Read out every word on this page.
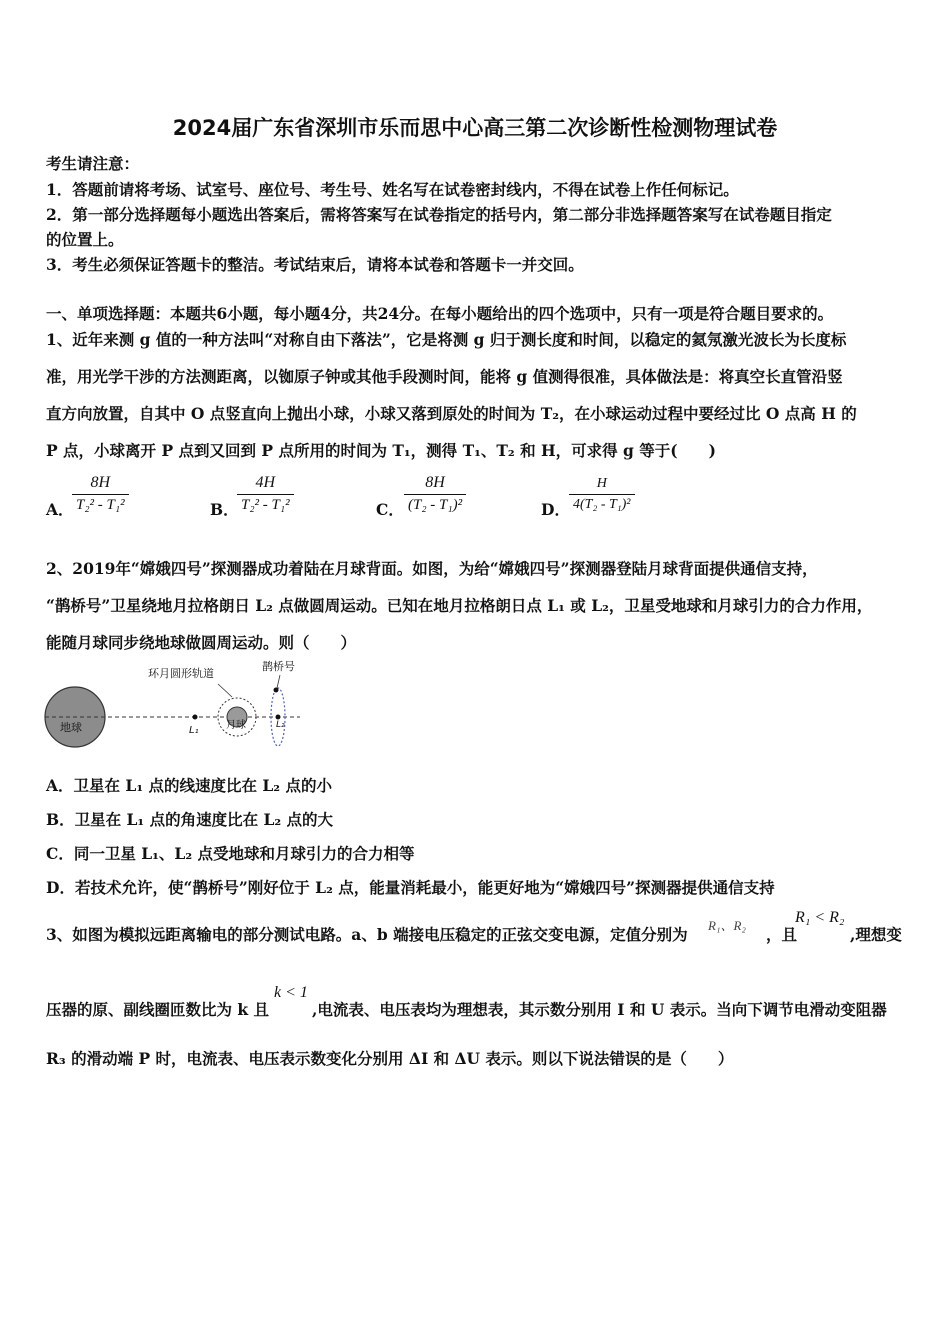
2024届广东省深圳市乐而思中心高三第二次诊断性检测物理试卷
考生请注意：
1．答题前请将考场、试室号、座位号、考生号、姓名写在试卷密封线内，不得在试卷上作任何标记。
2．第一部分选择题每小题选出答案后，需将答案写在试卷指定的括号内，第二部分非选择题答案写在试卷题目指定
的位置上。
3．考生必须保证答题卡的整洁。考试结束后，请将本试卷和答题卡一并交回。
一、单项选择题：本题共6小题，每小题4分，共24分。在每小题给出的四个选项中，只有一项是符合题目要求的。
1、近年来测 g 值的一种方法叫“对称自由下落法”，它是将测 g 归于测长度和时间，以稳定的氦氖激光波长为长度标
准，用光学干涉的方法测距离，以铷原子钟或其他手段测时间，能将 g 值测得很准，具体做法是：将真空长直管沿竖
直方向放置，自其中 O 点竖直向上抛出小球，小球又落到原处的时间为 T₂，在小球运动过程中要经过比 O 点高 H 的
P 点，小球离开 P 点到又回到 P 点所用的时间为 T₁，测得 T₁、T₂ 和 H，可求得 g 等于(　　)
A．
$\frac{8H}{\text{T₂² - T₁²}}$	B．
$\frac{4H}{\text{T₂² - T₁²}}$	C． $\frac{8H}{\text{(T₂ - T₁)²}}$	D． $\frac{H}{\text{4(T₂ - T₁)²}}$
2、2019年“嫦娥四号”探测器成功着陆在月球背面。如图，为给“嫦娥四号”探测器登陆月球背面提供通信支持，
“鹊桥号”卫星绕地月拉格朗日 L₂ 点做圆周运动。已知在地月拉格朗日点 L₁ 或 L₂，卫星受地球和月球引力的合力作用，
能随月球同步绕地球做圆周运动。则（　　）
地球	月球
环月圆形轨道
鹊桥号
L₁	L₂
A．卫星在 L₁ 点的线速度比在 L₂ 点的小
B．卫星在 L₁ 点的角速度比在 L₂ 点的大
C．同一卫星 L₁、L₂ 点受地球和月球引力的合力相等
D．若技术允许，使“鹊桥号”刚好位于 L₂ 点，能量消耗最小，能更好地为“嫦娥四号”探测器提供通信支持
3、如图为模拟远距离输电的部分测试电路。a、b 端接电压稳定的正弦交变电源，定值分别为 R₁、R₂ ，且
R₁ < R₂
,理想变
压器的原、副线圈匝数比为 k 且
k < 1
,电流表、电压表均为理想表，其示数分别用 I 和 U 表示。当向下调节电滑动变阻器
R₃ 的滑动端 P 时，电流表、电压表示数变化分别用 ΔI 和 ΔU 表示。则以下说法错误的是（　　）
